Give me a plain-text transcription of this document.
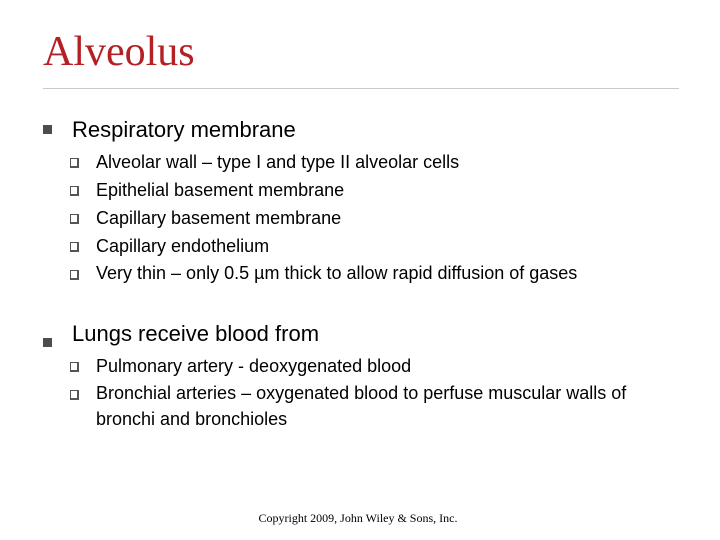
Alveolus
Respiratory membrane
Alveolar wall – type I and type II alveolar cells
Epithelial basement membrane
Capillary basement membrane
Capillary endothelium
Very thin – only 0.5 µm thick to allow rapid diffusion of gases
Lungs receive blood from
Pulmonary artery - deoxygenated blood
Bronchial arteries – oxygenated blood to perfuse muscular walls of bronchi and bronchioles
Copyright 2009, John Wiley & Sons, Inc.
